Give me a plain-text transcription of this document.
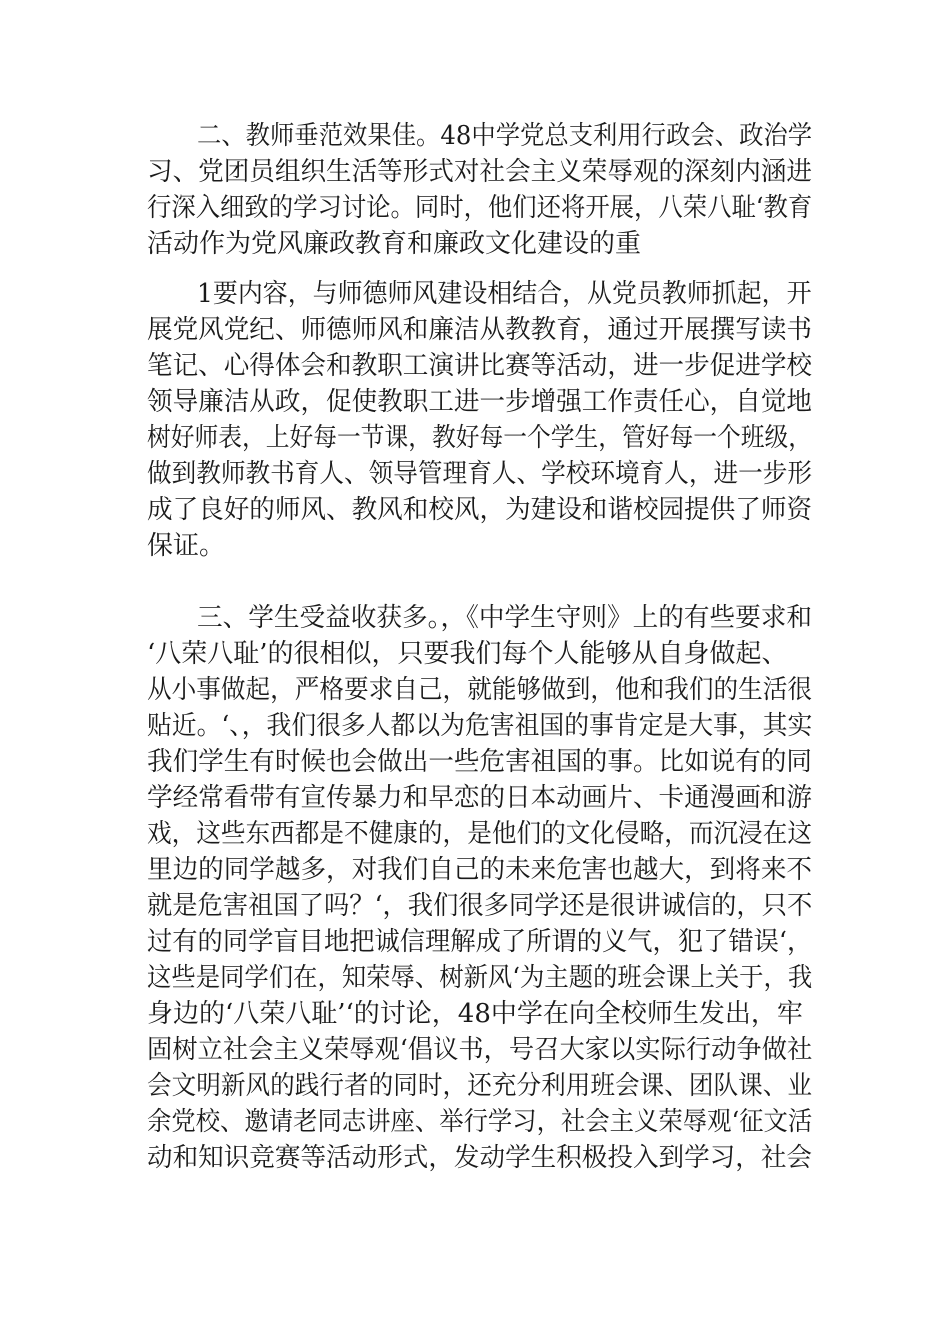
二、教师垂范效果佳。48中学党总支利用行政会、政治学

习、党团员组织生活等形式对社会主义荣辱观的深刻内涵进

行深入细致的学习讨论。同时，他们还将开展，八荣八耻‘教育

活动作为党风廉政教育和廉政文化建设的重

1要内容，与师德师风建设相结合，从党员教师抓起，开

展党风党纪、师德师风和廉洁从教教育，通过开展撰写读书

笔记、心得体会和教职工演讲比赛等活动，进一步促进学校

领导廉洁从政，促使教职工进一步增强工作责任心，自觉地

树好师表，上好每一节课，教好每一个学生，管好每一个班级，

做到教师教书育人、领导管理育人、学校环境育人，进一步形

成了良好的师风、教风和校风，为建设和谐校园提供了师资

保证。

三、学生受益收获多。，《中学生守则》上的有些要求和

‘八荣八耻’的很相似，只要我们每个人能够从自身做起、

从小事做起，严格要求自己，就能够做到，他和我们的生活很

贴近。‘、，我们很多人都以为危害祖国的事肯定是大事，其实

我们学生有时候也会做出一些危害祖国的事。比如说有的同

学经常看带有宣传暴力和早恋的日本动画片、卡通漫画和游

戏，这些东西都是不健康的，是他们的文化侵略，而沉浸在这

里边的同学越多，对我们自己的未来危害也越大，到将来不

就是危害祖国了吗？‘，我们很多同学还是很讲诚信的，只不

过有的同学盲目地把诚信理解成了所谓的义气，犯了错误‘，

这些是同学们在，知荣辱、树新风‘为主题的班会课上关于，我

身边的‘八荣八耻’‘的讨论，48中学在向全校师生发出，牢

固树立社会主义荣辱观‘倡议书，号召大家以实际行动争做社

会文明新风的践行者的同时，还充分利用班会课、团队课、业

余党校、邀请老同志讲座、举行学习，社会主义荣辱观‘征文活

动和知识竞赛等活动形式，发动学生积极投入到学习，社会
